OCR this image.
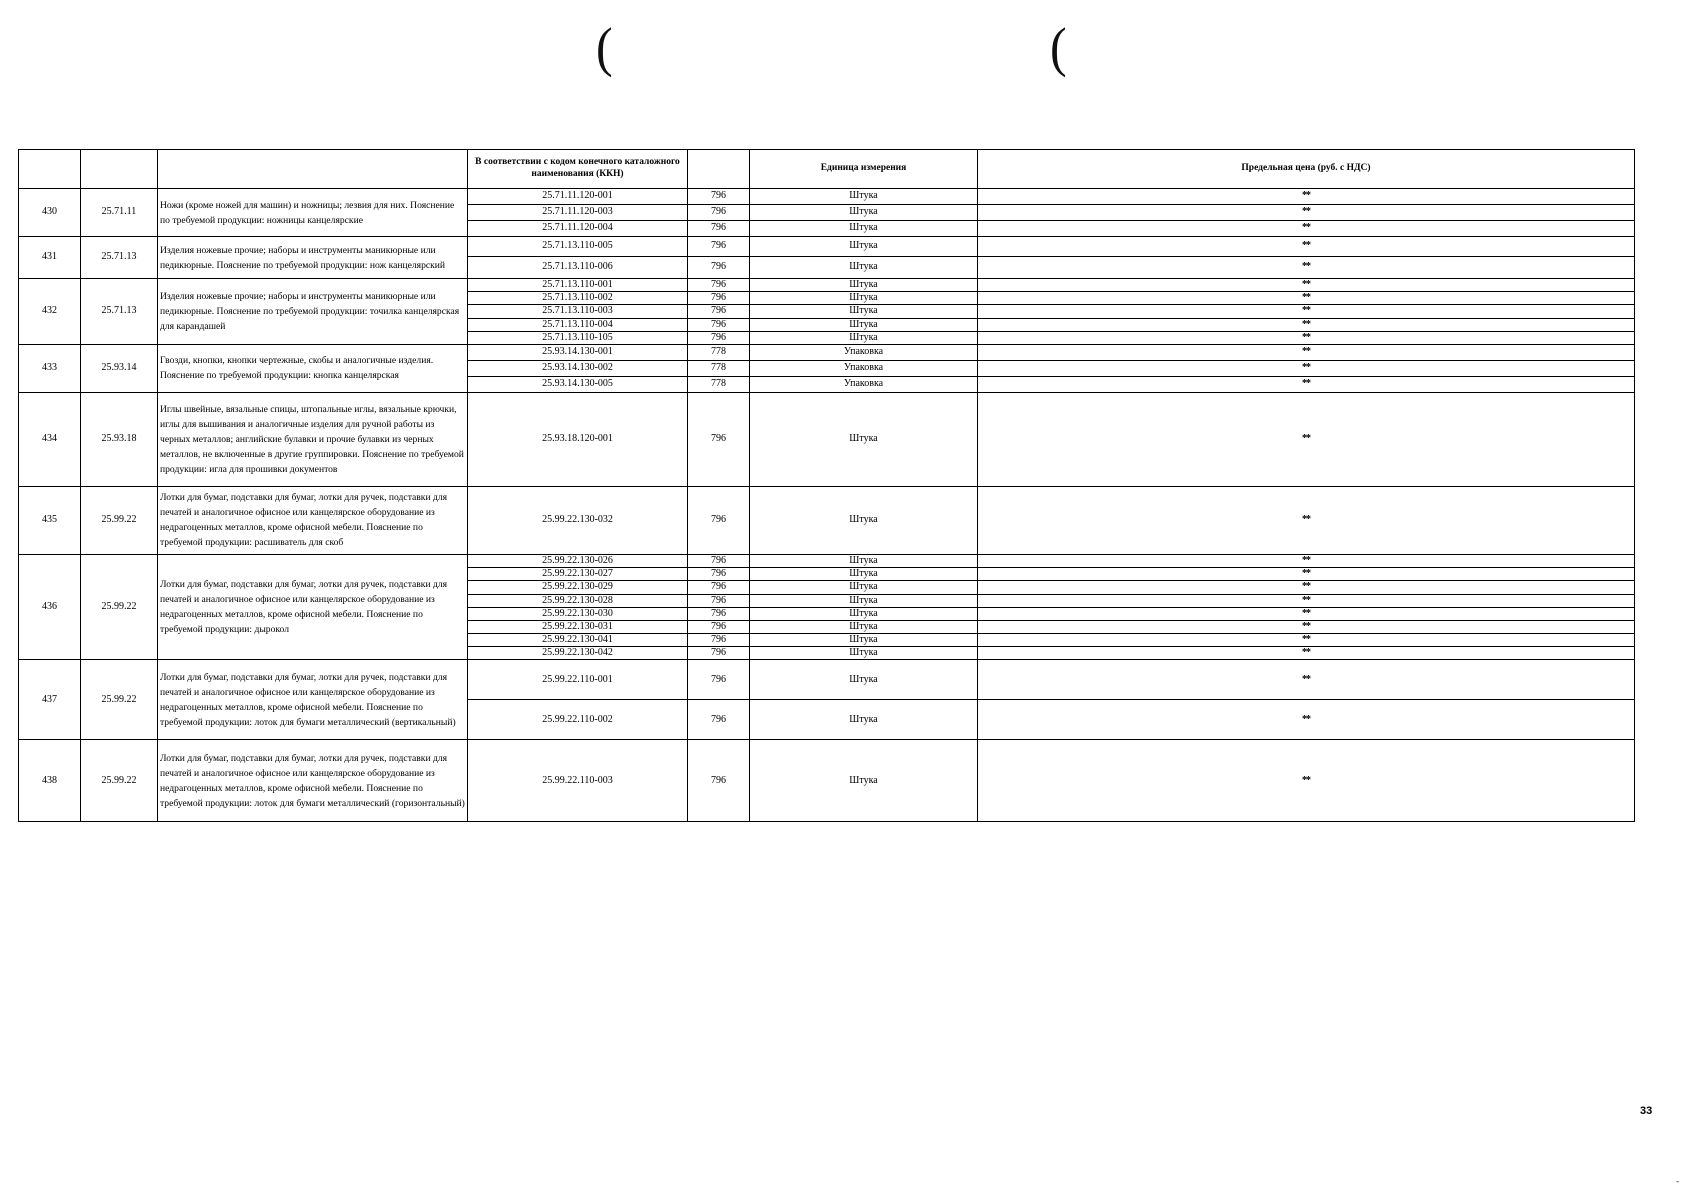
(	(
			В соответствии с кодом конечного каталожного наименования (ККН)		Единица измерения	Предельная цена (руб. с НДС)
430	25.71.11	Ножи (кроме ножей для машин) и ножницы; лезвия для них. Пояснение по требуемой продукции: ножницы канцелярские	25.71.11.120-001	796	Штука	**
			25.71.11.120-003	796	Штука	**
			25.71.11.120-004	796	Штука	**
431	25.71.13	Изделия ножевые прочие; наборы и инструменты маникюрные или педикюрные. Пояснение по требуемой продукции: нож канцелярский	25.71.13.110-005	796	Штука	**
			25.71.13.110-006	796	Штука	**
432	25.71.13	Изделия ножевые прочие; наборы и инструменты маникюрные или педикюрные. Пояснение по требуемой продукции: точилка канцелярская для карандашей	25.71.13.110-001	796	Штука	**
			25.71.13.110-002	796	Штука	**
			25.71.13.110-003	796	Штука	**
			25.71.13.110-004	796	Штука	**
			25.71.13.110-105	796	Штука	**
433	25.93.14	Гвозди, кнопки, кнопки чертежные, скобы и аналогичные изделия. Пояснение по требуемой продукции: кнопка канцелярская	25.93.14.130-001	778	Упаковка	**
			25.93.14.130-002	778	Упаковка	**
			25.93.14.130-005	778	Упаковка	**
434	25.93.18	Иглы швейные, вязальные спицы, штопальные иглы, вязальные крючки, иглы для вышивания и аналогичные изделия для ручной работы из черных металлов; английские булавки и прочие булавки из черных металлов, не включенные в другие группировки. Пояснение по требуемой продукции: игла для прошивки документов	25.93.18.120-001	796	Штука	**
435	25.99.22	Лотки для бумаг, подставки для бумаг, лотки для ручек, подставки для печатей и аналогичное офисное или канцелярское оборудование из недрагоценных металлов, кроме офисной мебели. Пояснение по требуемой продукции: расшиватель для скоб	25.99.22.130-032	796	Штука	**
436	25.99.22	Лотки для бумаг, подставки для бумаг, лотки для ручек, подставки для печатей и аналогичное офисное или канцелярское оборудование из недрагоценных металлов, кроме офисной мебели. Пояснение по требуемой продукции: дырокол	25.99.22.130-026	796	Штука	**
			25.99.22.130-027	796	Штука	**
			25.99.22.130-029	796	Штука	**
			25.99.22.130-028	796	Штука	**
			25.99.22.130-030	796	Штука	**
			25.99.22.130-031	796	Штука	**
			25.99.22.130-041	796	Штука	**
			25.99.22.130-042	796	Штука	**
437	25.99.22	Лотки для бумаг, подставки для бумаг, лотки для ручек, подставки для печатей и аналогичное офисное или канцелярское оборудование из недрагоценных металлов, кроме офисной мебели. Пояснение по требуемой продукции: лоток для бумаги металлический (вертикальный)	25.99.22.110-001	796	Штука	**
			25.99.22.110-002	796	Штука	**
438	25.99.22	Лотки для бумаг, подставки для бумаг, лотки для ручек, подставки для печатей и аналогичное офисное или канцелярское оборудование из недрагоценных металлов, кроме офисной мебели. Пояснение по требуемой продукции: лоток для бумаги металлический (горизонтальный)	25.99.22.110-003	796	Штука	**
33
-
